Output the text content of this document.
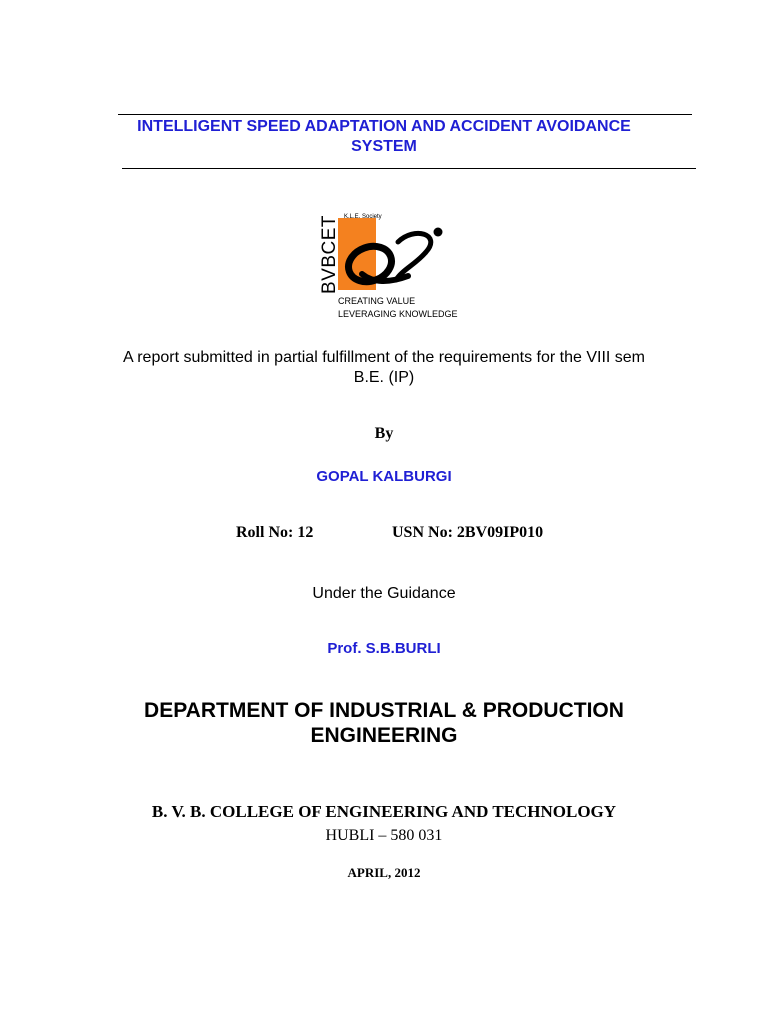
INTELLIGENT SPEED ADAPTATION AND ACCIDENT AVOIDANCE
SYSTEM
K.L.E. Society
BVBCET
CREATING VALUE
LEVERAGING KNOWLEDGE
A report submitted in partial fulfillment of the requirements for the VIII sem
B.E. (IP)
By
GOPAL KALBURGI
Roll No: 12	USN No: 2BV09IP010
Under the Guidance
Prof. S.B.BURLI
DEPARTMENT OF INDUSTRIAL & PRODUCTION
ENGINEERING
B. V. B. COLLEGE OF ENGINEERING AND TECHNOLOGY
HUBLI – 580 031
APRIL, 2012
